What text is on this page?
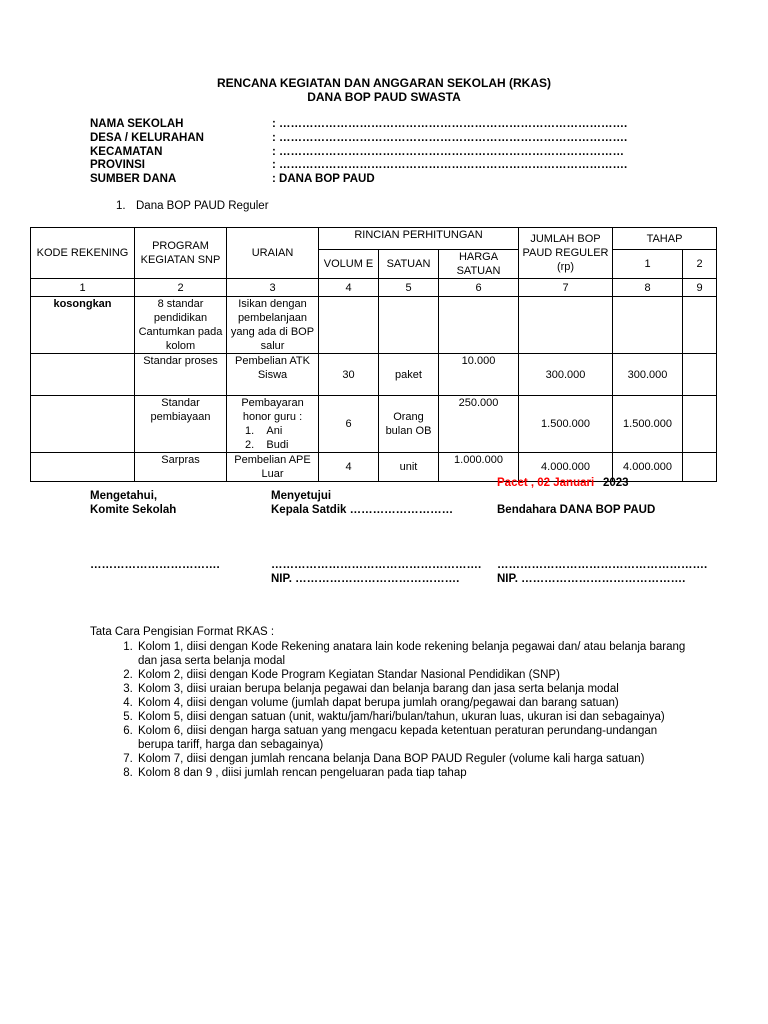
RENCANA KEGIATAN DAN ANGGARAN SEKOLAH (RKAS)
DANA BOP PAUD SWASTA
NAMA SEKOLAH	: ……………………………………………………………………………….
DESA / KELURAHAN	: ……………………………………………………………………………….
KECAMATAN	: ………………………………………………………………………………
PROVINSI	: ……………………………………………………………………………….
SUMBER DANA	: DANA BOP PAUD
1. Dana BOP PAUD Reguler
KODE REKENING	PROGRAM KEGIATAN SNP	URAIAN	RINCIAN PERHITUNGAN			JUMLAH BOP PAUD REGULER (rp)	TAHAP	
			VOLUM E	SATUAN	HARGA SATUAN		1	2
1	2	3	4	5	6	7	8	9
kosongkan	8 standar pendidikan Cantumkan pada kolom	Isikan dengan pembelanjaan yang ada di BOP salur						
	Standar proses	Pembelian ATK Siswa	30	paket	10.000	300.000	300.000	
	Standar pembiayaan	Pembayaran honor guru :
1.    Ani
2.    Budi	6	Orang bulan OB	250.000	1.500.000	1.500.000	
	Sarpras	Pembelian APE Luar	4	unit	1.000.000	4.000.000	4.000.000	
Pacet , 02 Januari 2023
Mengetahui,
Komite Sekolah
Menyetujui
Kepala Satdik ………………………	Bendahara DANA BOP PAUD
…………………………….	……………………………………………….
NIP. …………………………………….
……………………………………………….
NIP. …………………………………….
Tata Cara Pengisian Format RKAS :
1. Kolom 1, diisi dengan Kode Rekening anatara lain kode rekening belanja pegawai dan/ atau belanja barang dan jasa serta belanja modal
2. Kolom 2, diisi dengan Kode Program Kegiatan Standar Nasional Pendidikan (SNP)
3. Kolom 3, diisi uraian berupa belanja pegawai dan belanja barang dan jasa serta belanja modal
4. Kolom 4, diisi dengan volume (jumlah dapat berupa jumlah orang/pegawai dan barang satuan)
5. Kolom 5, diisi dengan satuan (unit, waktu/jam/hari/bulan/tahun, ukuran luas, ukuran isi dan sebagainya)
6. Kolom 6, diisi dengan harga satuan yang mengacu kepada ketentuan peraturan perundang-undangan berupa tariff, harga dan sebagainya)
7. Kolom 7, diisi dengan jumlah rencana belanja Dana BOP PAUD Reguler (volume kali harga satuan)
8. Kolom 8 dan 9 , diisi jumlah rencan pengeluaran pada tiap tahap
